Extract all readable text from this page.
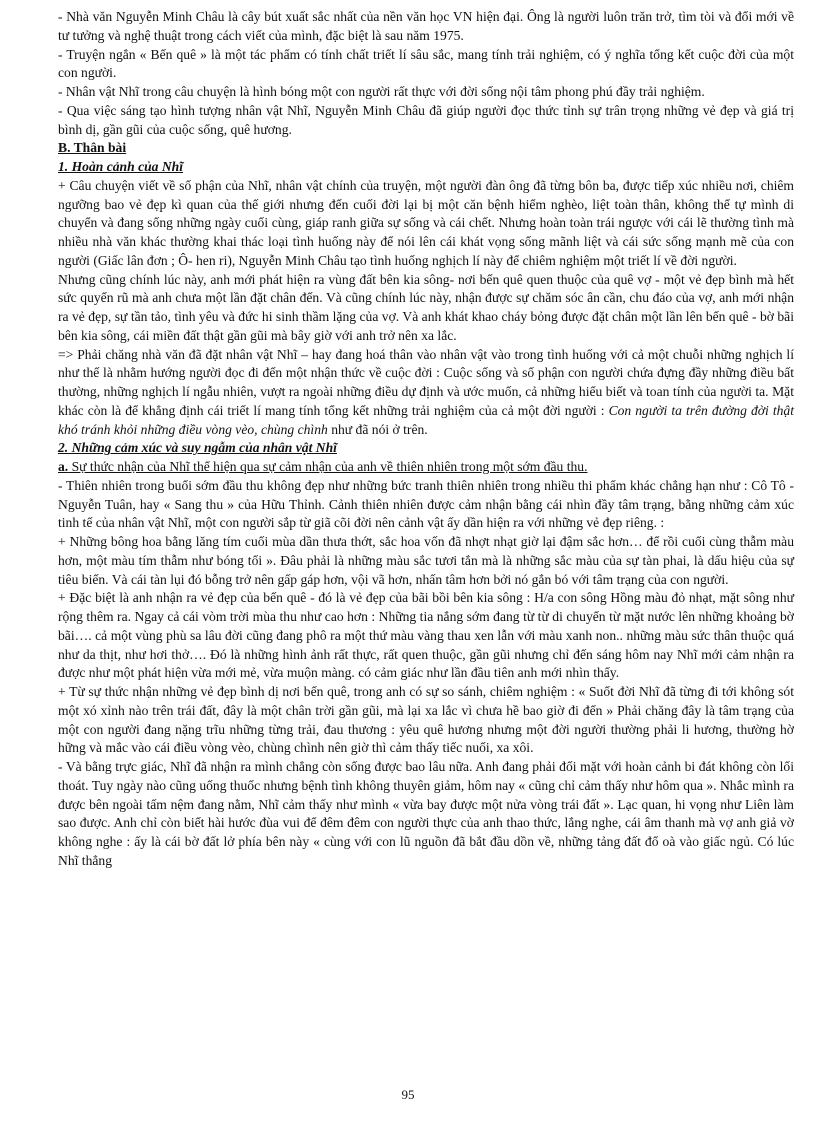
- Nhà văn Nguyễn Minh Châu là cây bút xuất sắc nhất của nền văn học VN hiện đại. Ông là người luôn trăn trở, tìm tòi và đổi mới về tư tưởng và nghệ thuật trong cách viết của mình, đặc biệt là sau năm 1975.

- Truyện ngắn « Bến quê » là một tác phẩm có tính chất triết lí sâu sắc, mang tính trải nghiệm, có ý nghĩa tổng kết cuộc đời của một con người.

- Nhân vật Nhĩ trong câu chuyện là hình bóng một con người rất thực với đời sống nội tâm phong phú đầy trải nghiệm.

- Qua việc sáng tạo hình tượng nhân vật Nhĩ, Nguyễn Minh Châu đã giúp người đọc thức tỉnh sự trân trọng những vẻ đẹp và giá trị bình dị, gần gũi của cuộc sống, quê hương.

B. Thân bài

1. Hoàn cảnh của Nhĩ

+ Câu chuyện viết về số phận của Nhĩ, nhân vật chính của truyện, một người đàn ông đã từng bôn ba, được tiếp xúc nhiều nơi, chiêm ngưỡng bao vẻ đẹp kì quan của thế giới nhưng đến cuối đời lại bị một căn bệnh hiểm nghèo, liệt toàn thân, không thể tự mình di chuyển và đang sống những ngày cuối cùng, giáp ranh giữa sự sống và cái chết. Nhưng hoàn toàn trái ngược với cái lẽ thường tình mà nhiều nhà văn khác thường khai thác loại tình huống này để nói lên cái khát vọng sống mãnh liệt và cái sức sống mạnh mẽ của con người (Giấc lân đơn ; Ô- hen ri), Nguyễn Minh Châu tạo tình huống nghịch lí này để chiêm nghiệm một triết lí về đời người.

Nhưng cũng chính lúc này, anh mới phát hiện ra vùng đất bên kia sông- nơi bến quê quen thuộc của quê vợ - một vẻ đẹp bình mà hết sức quyến rũ mà anh chưa một lần đặt chân đến. Và cũng chính lúc này, nhận được sự chăm sóc ân cần, chu đáo của vợ, anh mới nhận ra vẻ đẹp, sự tần tảo, tình yêu và đức hi sinh thầm lặng của vợ. Và anh khát khao cháy bỏng được đặt chân một lần lên bến quê - bờ bãi bên kia sông, cái miền đất thật gần gũi mà bây giờ với anh trở nên xa lắc.

=> Phải chăng nhà văn đã đặt nhân vật Nhĩ – hay đang hoá thân vào nhân vật vào trong tình huống với cả một chuỗi những nghịch lí như thế là nhằm hướng người đọc đi đến một nhận thức về cuộc đời : Cuộc sống và số phận con người chứa đựng đầy những điều bất thường, những nghịch lí ngẫu nhiên, vượt ra ngoài những điều dự định và ước muốn, cả những hiểu biết và toan tính của người ta. Mặt khác còn là để khẳng định cái triết lí mang tính tổng kết những trải nghiệm của cả một đời người : Con người ta trên đường đời thật khó tránh khỏi những điều vòng vèo, chùng chình như đã nói ở trên.

2. Những cảm xúc và suy ngẫm của nhân vật Nhĩ

a. Sự thức nhận của Nhĩ thể hiện qua sự cảm nhận của anh về thiên nhiên trong một sớm đầu thu.

- Thiên nhiên trong buổi sớm đầu thu không đẹp như những bức tranh thiên nhiên trong nhiều thi phẩm khác chẳng hạn như : Cô Tô - Nguyễn Tuân, hay « Sang thu » của Hữu Thỉnh. Cảnh thiên nhiên được cảm nhận bằng cái nhìn đầy tâm trạng, bằng những cảm xúc tinh tế của nhân vật Nhĩ, một con người sắp từ giã cõi đời nên cảnh vật ấy dần hiện ra với những vẻ đẹp riêng. :

+ Những bông hoa bằng lăng tím cuối mùa dần thưa thớt, sắc hoa vốn đã nhợt nhạt giờ lại đậm sắc hơn… để rồi cuối cùng thẫm màu hơn, một màu tím thẫm như bóng tối ». Đâu phải là những màu sắc tươi tắn mà là những sắc màu của sự tàn phai, là dấu hiệu của sự tiêu biến. Và cái tàn lụi đó bỗng trở nên gấp gáp hơn, vội vã hơn, nhấn tâm hơn bởi nó gắn bó với tâm trạng của con người.

+ Đặc biệt là anh nhận ra vẻ đẹp của bến quê - đó là vẻ đẹp của bãi bồi bên kia sông : H/a con sông Hồng màu đỏ nhạt, mặt sông như rộng thêm ra. Ngay cả cái vòm trời mùa thu như cao hơn : Những tia nắng sớm đang từ từ di chuyển từ mặt nước lên những khoảng bờ bãi…. cả một vùng phù sa lâu đời cũng đang phô ra một thứ màu vàng thau xen lẫn với màu xanh non.. những màu sức thân thuộc quá như da thịt, như hơi thở…. Đó là những hình ảnh rất thực, rất quen thuộc, gần gũi nhưng chỉ đến sáng hôm nay Nhĩ mới cảm nhận ra được như một phát hiện vừa mới mẻ, vừa muộn màng. có cảm giác như lần đầu tiên anh mới nhìn thấy.

+ Từ sự thức nhận những vẻ đẹp bình dị nơi bến quê, trong anh có sự so sánh, chiêm nghiệm : « Suốt đời Nhĩ đã từng đi tới không sót một xó xỉnh nào trên trái đất, đây là một chân trời gần gũi, mà lại xa lắc vì chưa hề bao giờ đi đến » Phải chăng đây là tâm trạng của một con người đang nặng trĩu những từng trải, đau thương : yêu quê hương nhưng một đời người thường phải li hương, thường hờ hững và mắc vào cái điều vòng vèo, chùng chình nên giờ thì cảm thấy tiếc nuối, xa xôi.

- Và bằng trực giác, Nhĩ đã nhận ra mình chẳng còn sống được bao lâu nữa. Anh đang phải đối mặt với hoàn cảnh bi đát không còn lối thoát. Tuy ngày nào cũng uống thuốc nhưng bệnh tình không thuyên giảm, hôm nay « cũng chỉ cảm thấy như hôm qua ». Nhắc mình ra được bên ngoài tấm nệm đang nằm, Nhĩ cảm thấy như mình « vừa bay được một nửa vòng trái đất ». Lạc quan, hi vọng như Liên làm sao được. Anh chỉ còn biết hài hước đùa vui để đêm đêm con người thực của anh thao thức, lắng nghe, cái âm thanh mà vợ anh giả vờ không nghe : ấy là cái bờ đất lở phía bên này « cùng với con lũ nguồn đã bắt đầu dồn về, những tảng đất đổ oà vào giấc ngủ. Có lúc Nhĩ thẳng

95
